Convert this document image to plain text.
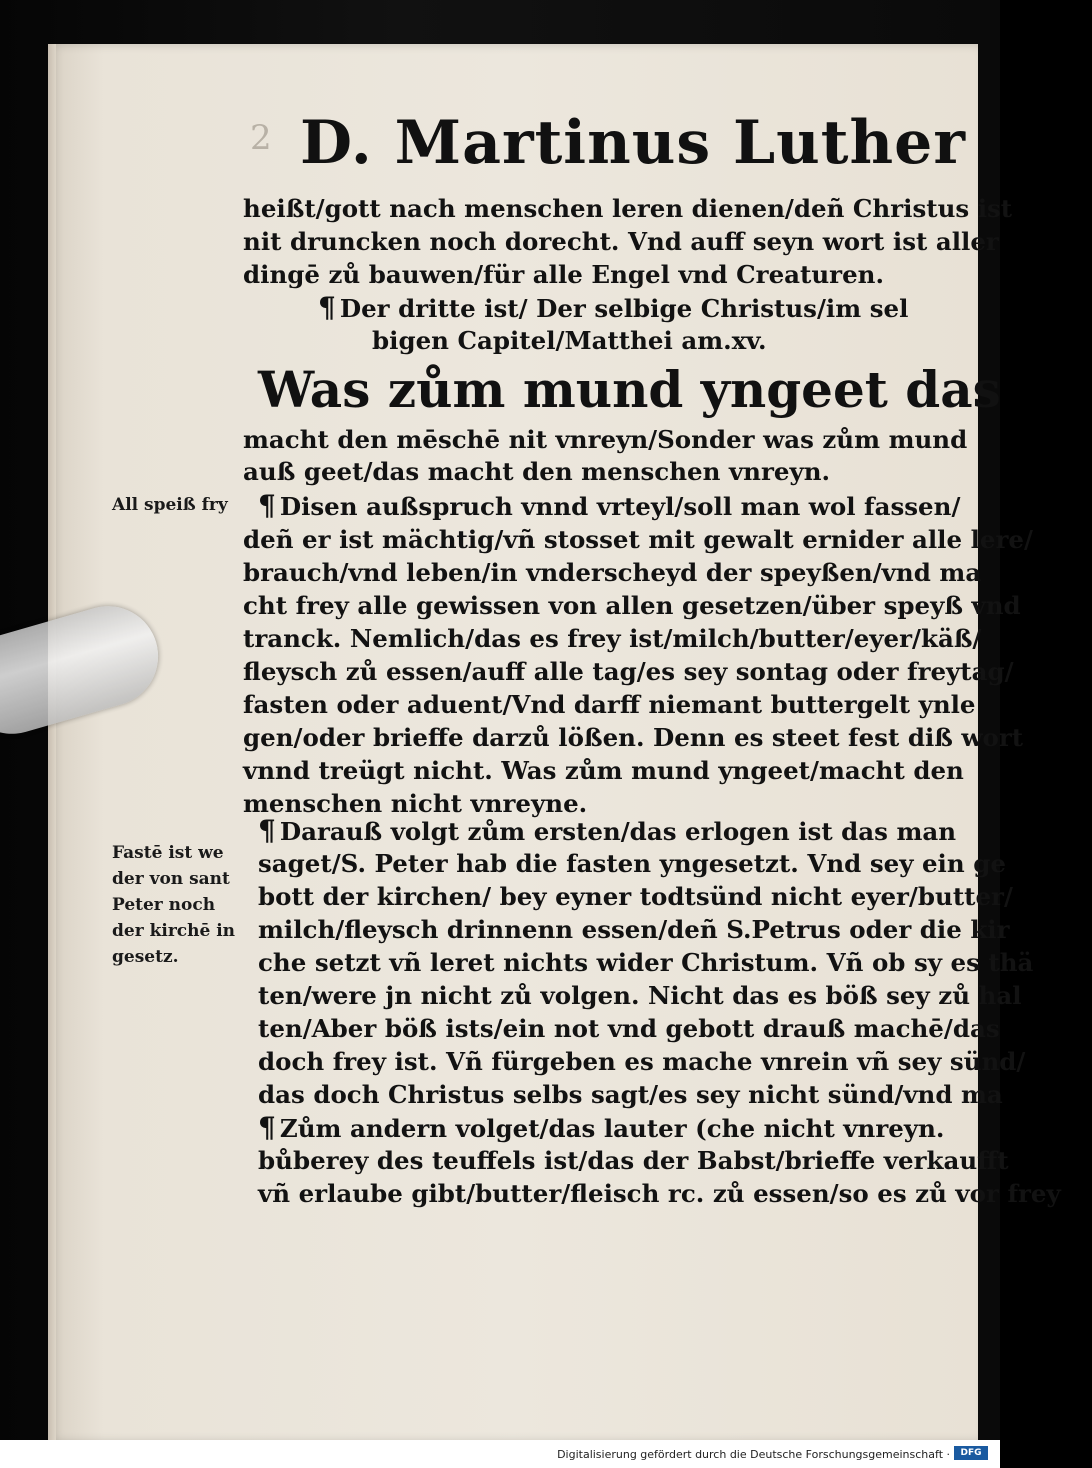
2 D. Martinus Luther
heißt/gott nach menschen leren dienen/deñ Christus ist
nit druncken noch dorecht. Vnd auff seyn wort ist aller
dingē zů bauwen/für alle Engel vnd Creaturen.
¶ Der dritte ist/ Der selbige Christus/im sel
bigen Capitel/Matthei am.xv.
Was zům mund yngeet das
macht den mēschē nit vnreyn/Sonder was zům mund
auß geet/das macht den menschen vnreyn.
¶ Disen außspruch vnnd vrteyl/soll man wol fassen/
deñ er ist mächtig/vñ stosset mit gewalt ernider alle lere/
brauch/vnd leben/in vnderscheyd der speyßen/vnd ma
cht frey alle gewissen von allen gesetzen/über speyß vnd
tranck. Nemlich/das es frey ist/milch/butter/eyer/käß/
fleysch zů essen/auff alle tag/es sey sontag oder freytag/
fasten oder aduent/Vnd darff niemant buttergelt ynle
gen/oder brieffe darzů lößen. Denn es steet fest diß wort
vnnd treügt nicht. Was zům mund yngeet/macht den
menschen nicht vnreyne.
¶ Darauß volgt zům ersten/das erlogen ist das man
saget/S. Peter hab die fasten yngesetzt. Vnd sey ein ge
bott der kirchen/ bey eyner todtsünd nicht eyer/butter/
milch/fleysch drinnenn essen/deñ S.Petrus oder die kir
che setzt vñ leret nichts wider Christum. Vñ ob sy es thä
ten/were jn nicht zů volgen. Nicht das es böß sey zů hal
ten/Aber böß ists/ein not vnd gebott drauß machē/das
doch frey ist. Vñ fürgeben es mache vnrein vñ sey sünd/
das doch Christus selbs sagt/es sey nicht sünd/vnd ma
¶ Zům andern volget/das lauter (che nicht vnreyn.
bůberey des teuffels ist/das der Babst/brieffe verkaufft
vñ erlaube gibt/butter/fleisch rc. zů essen/so es zů vor frey
All speiß fry
Fastē ist we
der von sant
Peter noch
der kirchē in
gesetz.
Digitalisierung gefördert durch die Deutsche Forschungsgemeinschaft ·	DFG
